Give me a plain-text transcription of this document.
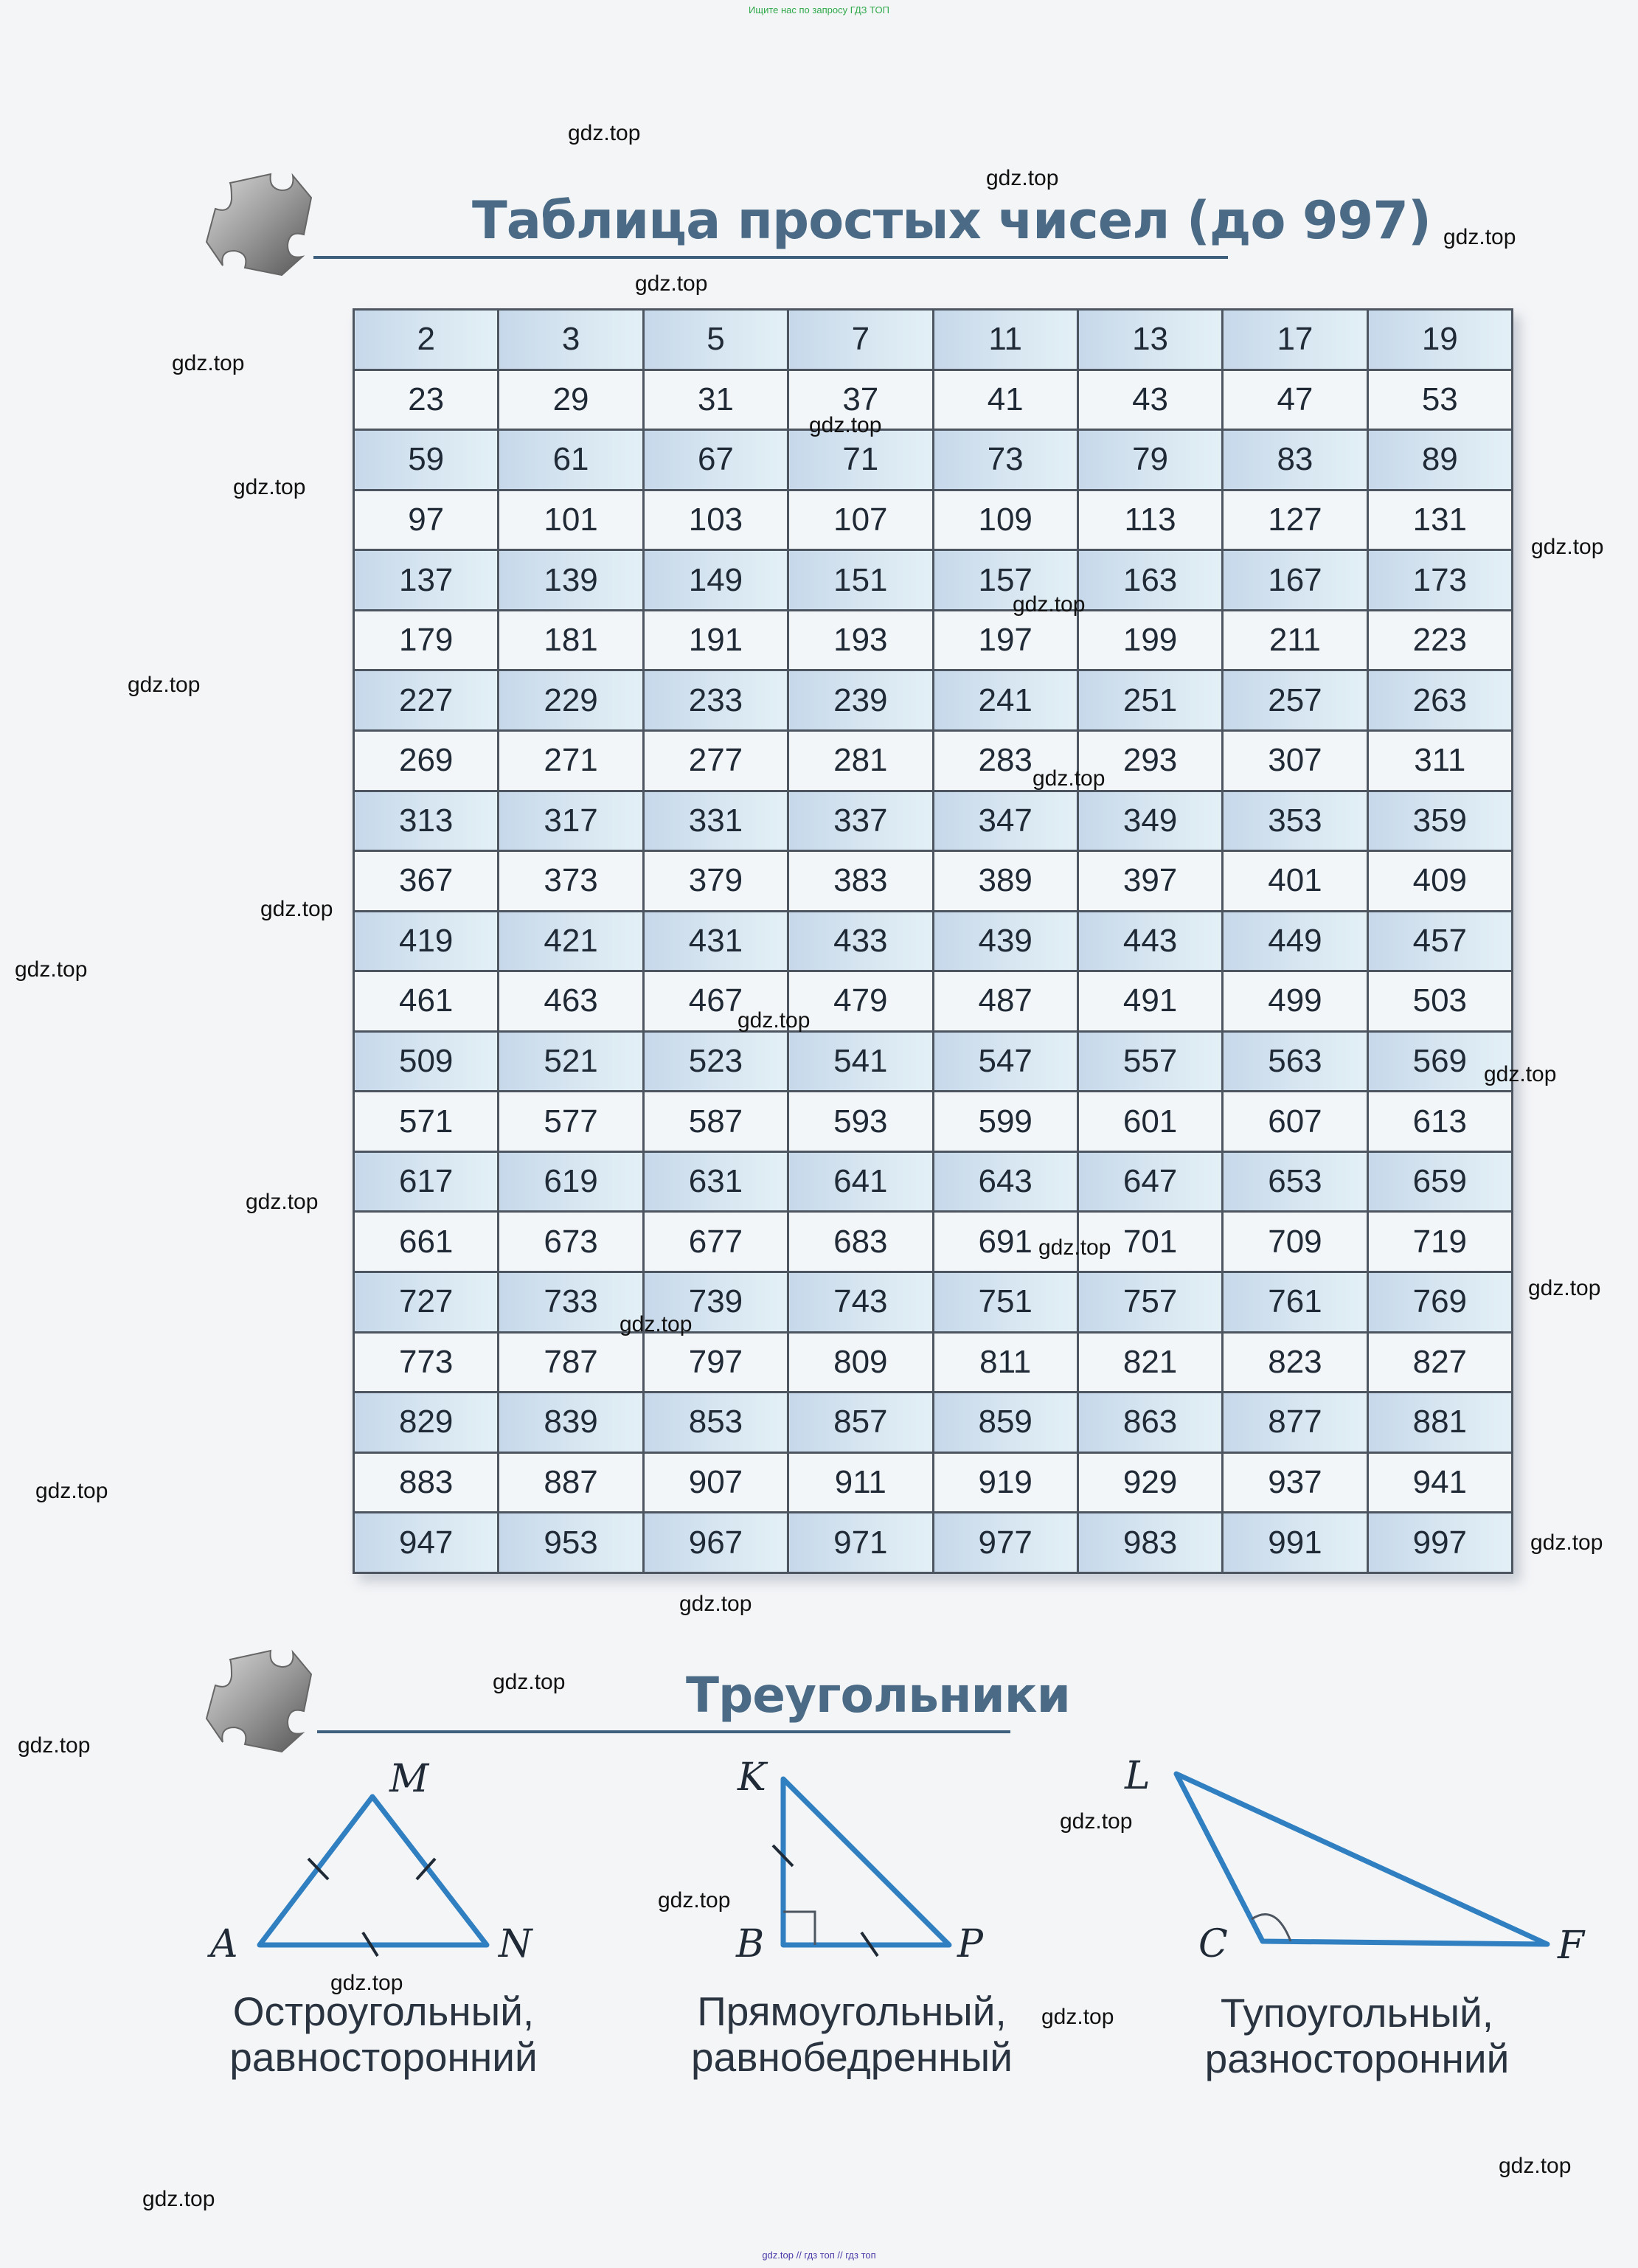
Ищите нас по запросу ГДЗ ТОП
Таблица простых чисел (до 997)
2	3	5	7	11	13	17	19
23	29	31	37	41	43	47	53
59	61	67	71	73	79	83	89
97	101	103	107	109	113	127	131
137	139	149	151	157	163	167	173
179	181	191	193	197	199	211	223
227	229	233	239	241	251	257	263
269	271	277	281	283	293	307	311
313	317	331	337	347	349	353	359
367	373	379	383	389	397	401	409
419	421	431	433	439	443	449	457
461	463	467	479	487	491	499	503
509	521	523	541	547	557	563	569
571	577	587	593	599	601	607	613
617	619	631	641	643	647	653	659
661	673	677	683	691	701	709	719
727	733	739	743	751	757	761	769
773	787	797	809	811	821	823	827
829	839	853	857	859	863	877	881
883	887	907	911	919	929	937	941
947	953	967	971	977	983	991	997
Треугольники
M
A	N
K
B	P
L
C	F
Остроугольный,
равносторонний
Прямоугольный,
равнобедренный
Тупоугольный,
разносторонний
gdz.top
gdz.top
gdz.top
gdz.top
gdz.top
gdz.top
gdz.top
gdz.top
gdz.top
gdz.top
gdz.top
gdz.top
gdz.top
gdz.top
gdz.top
gdz.top
gdz.top
gdz.top
gdz.top
gdz.top
gdz.top
gdz.top
gdz.top
gdz.top
gdz.top
gdz.top
gdz.top
gdz.top
gdz.top
gdz.top
gdz.top // гдз топ // гдз топ
